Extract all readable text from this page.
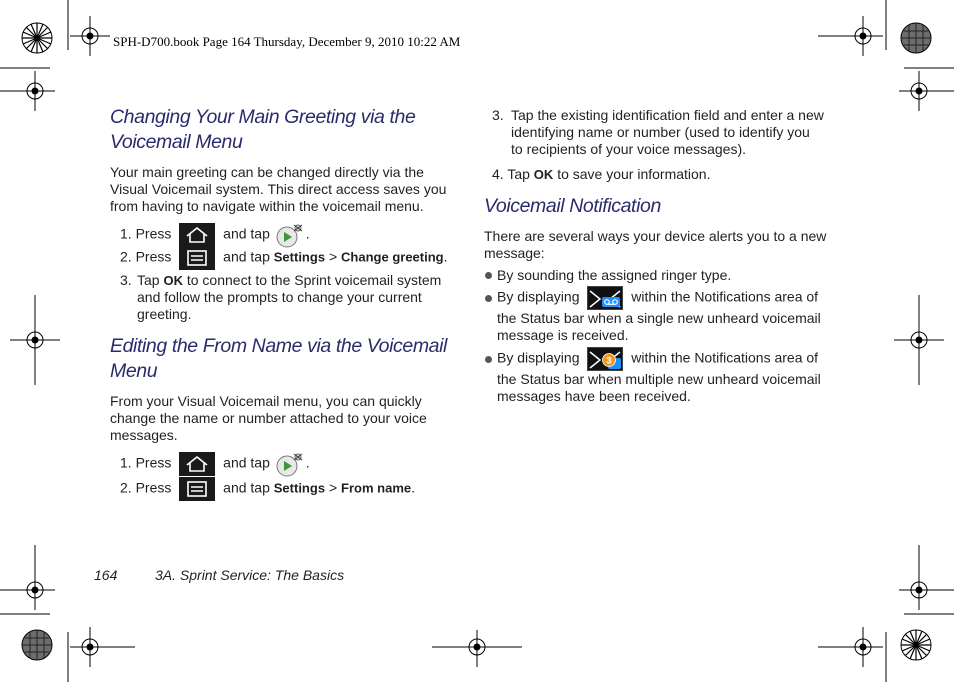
SPH-D700.book Page 164 Thursday, December 9, 2010 10:22 AM
Changing Your Main Greeting via the
Voicemail Menu

Your main greeting can be changed directly via the
Visual Voicemail system. This direct access saves you
from having to navigate within the voicemail menu.

1. Press	and tap	.
2. Press	and tap Settings > Change greeting.
3. Tap OK to connect to the Sprint voicemail system
and follow the prompts to change your current
greeting.
Editing the From Name via the Voicemail
Menu

From your Visual Voicemail menu, you can quickly
change the name or number attached to your voice
messages.

1. Press	and tap	.
2. Press	and tap Settings > From name.
3. Tap the existing identification field and enter a new
identifying name or number (used to identify you
to recipients of your voice messages).
4. Tap OK to save your information.
Voicemail Notification

There are several ways your device alerts you to a new
message:

By sounding the assigned ringer type.
By displaying	within the Notifications area of
the Status bar when a single new unheard voicemail
message is received.
By displaying	3 within the Notifications area of
the Status bar when multiple new unheard voicemail
messages have been received.
164	3A. Sprint Service: The Basics
